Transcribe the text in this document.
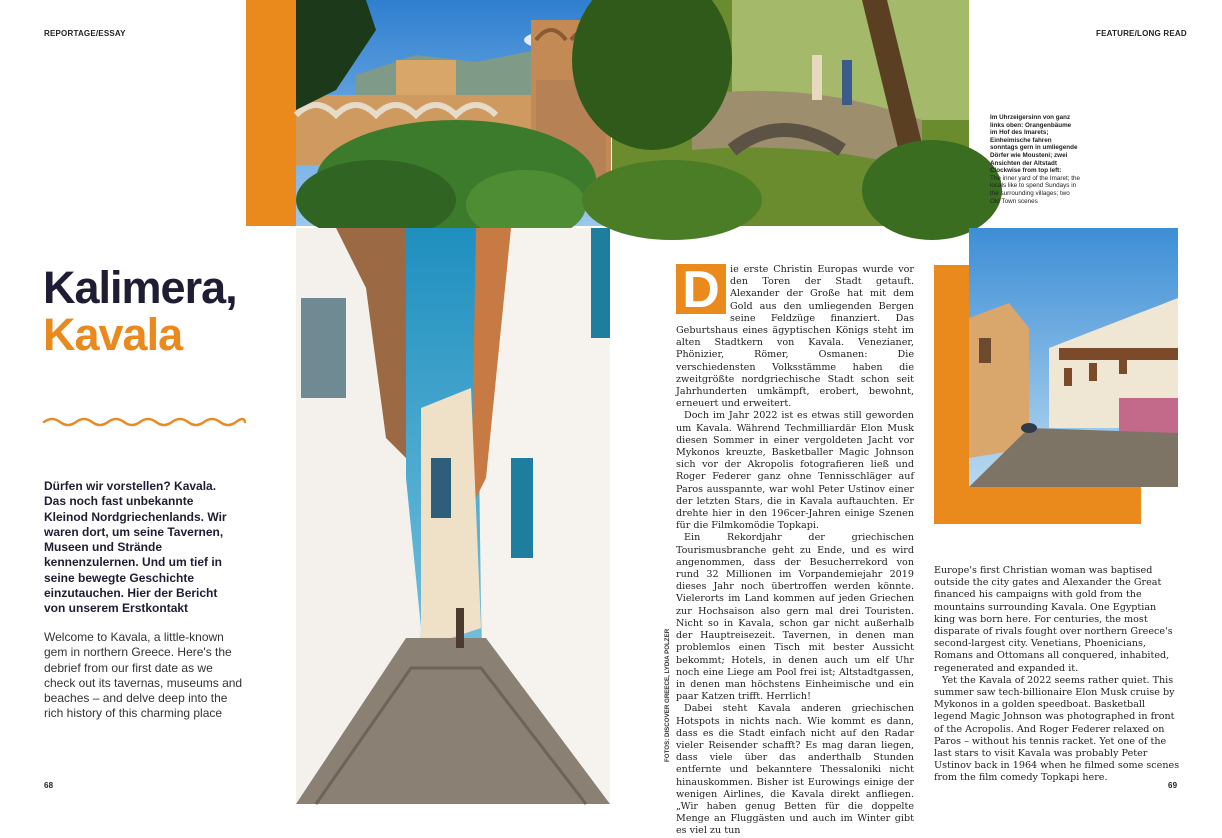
REPORTAGE/ESSAY	FEATURE/LONG READ
Im Uhrzeigersinn von ganz links oben: Orangenbäume im Hof des Imarets; Einheimische fahren sonntags gern in umliegende Dörfer wie Mousteni; zwei Ansichten der Altstadt
Clockwise from top left:
The inner yard of the Imaret; the locals like to spend Sundays in the surrounding villages; two Old Town scenes
Kalimera,
Kavala
Dürfen wir vorstellen? Kavala. Das noch fast unbekannte Kleinod Nordgriechenlands. Wir waren dort, um seine Tavernen, Museen und Strände kennenzulernen. Und um tief in seine bewegte Geschichte einzutauchen. Hier der Bericht von unserem Erstkontakt
Welcome to Kavala, a little-known gem in northern Greece. Here's the debrief from our first date as we check out its tavernas, museums and beaches – and delve deep into the rich history of this charming place	FOTOS: DISCOVER GREECE, LYDIA POLZER
D	ie erste Christin Europas wurde vor den Toren der Stadt getauft. Alexander der Große hat mit dem Gold aus den umliegenden Bergen seine Feldzüge finanziert. Das Geburtshaus eines ägyptischen Königs steht im alten Stadtkern von Kavala. Venezianer, Phönizier, Römer, Osmanen: Die verschiedensten Volksstämme haben die zweitgrößte nordgriechische Stadt schon seit Jahrhunderten umkämpft, erobert, bewohnt, erneuert und erweitert.

Doch im Jahr 2022 ist es etwas still geworden um Kavala. Während Techmilliardär Elon Musk diesen Sommer in einer vergoldeten Jacht vor Mykonos kreuzte, Basketballer Magic Johnson sich vor der Akropolis fotografieren ließ und Roger Federer ganz ohne Tennisschläger auf Paros ausspannte, war wohl Peter Ustinov einer der letzten Stars, die in Kavala auftauchten. Er drehte hier in den 196cer-Jahren einige Szenen für die Filmkomödie Topkapi.

Ein Rekordjahr der griechischen Tourismusbranche geht zu Ende, und es wird angenommen, dass der Besucherrekord von rund 32 Millionen im Vorpandemiejahr 2019 dieses Jahr noch übertroffen werden könnte. Vielerorts im Land kommen auf jeden Griechen zur Hochsaison also gern mal drei Touristen. Nicht so in Kavala, schon gar nicht außerhalb der Hauptreisezeit. Tavernen, in denen man problemlos einen Tisch mit bester Aussicht bekommt; Hotels, in denen auch um elf Uhr noch eine Liege am Pool frei ist; Altstadtgassen, in denen man höchstens Einheimische und ein paar Katzen trifft. Herrlich!

Dabei steht Kavala anderen griechischen Hotspots in nichts nach. Wie kommt es dann, dass es die Stadt einfach nicht auf den Radar vieler Reisender schafft? Es mag daran liegen, dass viele über das anderthalb Stunden entfernte und bekanntere Thessaloniki nicht hinauskommen. Bisher ist Eurowings einige der wenigen Airlines, die Kavala direkt anfliegen. „Wir haben genug Betten für die doppelte Menge an Fluggästen und auch im Winter gibt es viel zu tun

Europe's first Christian woman was baptised outside the city gates and Alexander the Great financed his campaigns with gold from the mountains surrounding Kavala. One Egyptian king was born here. For centuries, the most disparate of rivals fought over northern Greece's second-largest city. Venetians, Phoenicians, Romans and Ottomans all conquered, inhabited, regenerated and expanded it.

Yet the Kavala of 2022 seems rather quiet. This summer saw tech-billionaire Elon Musk cruise by Mykonos in a golden speedboat. Basketball legend Magic Johnson was photographed in front of the Acropolis. And Roger Federer relaxed on Paros – without his tennis racket. Yet one of the last stars to visit Kavala was probably Peter Ustinov back in 1964 when he filmed some scenes from the film comedy Topkapi here.

68	69
